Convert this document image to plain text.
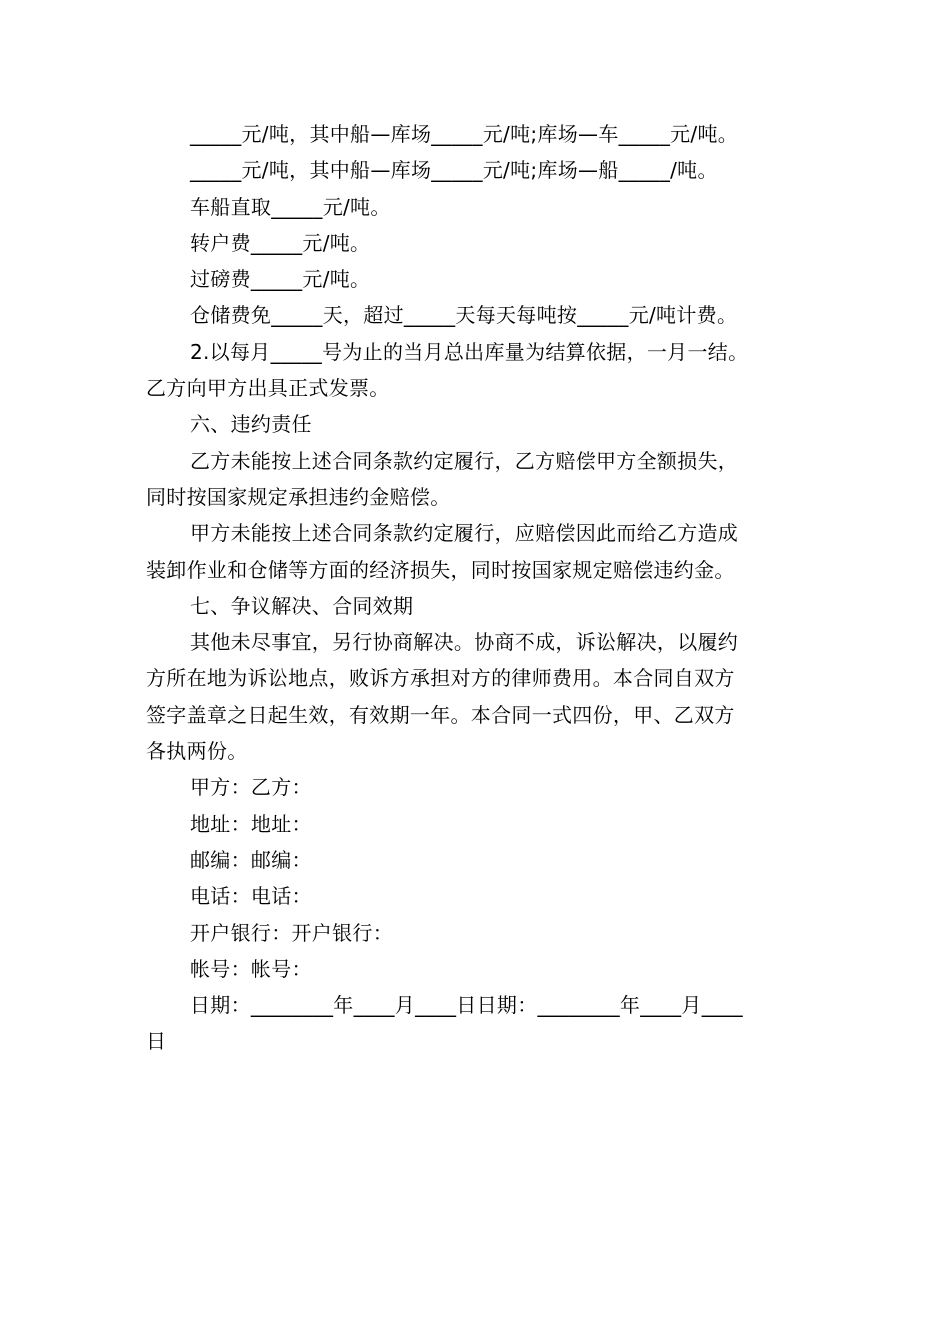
_____元/吨，其中船—库场_____元/吨;库场—车_____元/吨。
_____元/吨，其中船—库场_____元/吨;库场—船_____/吨。
车船直取_____元/吨。
转户费_____元/吨。
过磅费_____元/吨。
仓储费免_____天，超过_____天每天每吨按_____元/吨计费。
2.以每月_____号为止的当月总出库量为结算依据，一月一结。
乙方向甲方出具正式发票。
六、违约责任
乙方未能按上述合同条款约定履行，乙方赔偿甲方全额损失，
同时按国家规定承担违约金赔偿。
甲方未能按上述合同条款约定履行，应赔偿因此而给乙方造成
装卸作业和仓储等方面的经济损失，同时按国家规定赔偿违约金。
七、争议解决、合同效期
其他未尽事宜，另行协商解决。协商不成，诉讼解决，以履约
方所在地为诉讼地点，败诉方承担对方的律师费用。本合同自双方
签字盖章之日起生效，有效期一年。本合同一式四份，甲、乙双方
各执两份。
甲方：乙方：
地址：地址：
邮编：邮编：
电话：电话：
开户银行：开户银行：
帐号：帐号：
日期：________年____月____日日期：________年____月____
日
